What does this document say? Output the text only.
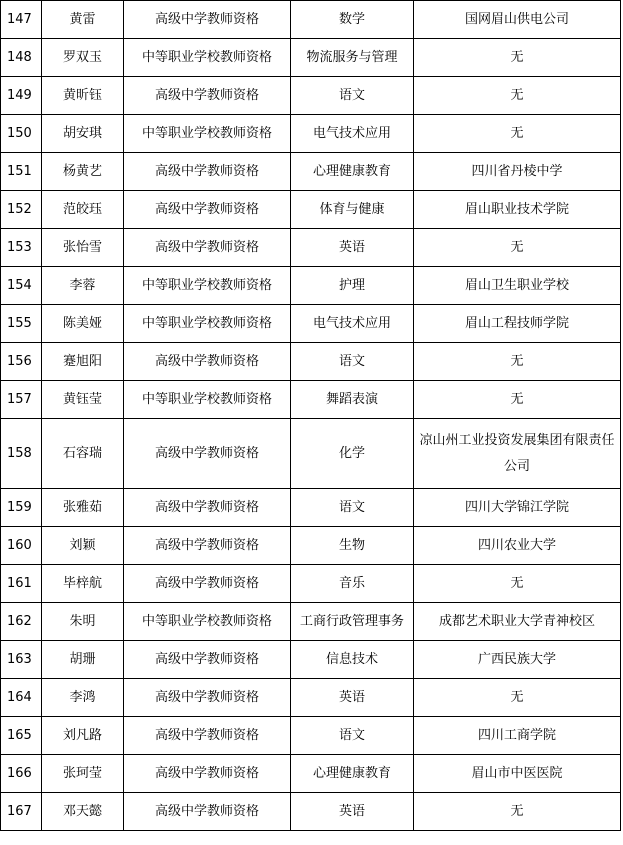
147	黄雷	高级中学教师资格	数学	国网眉山供电公司
148	罗双玉	中等职业学校教师资格	物流服务与管理	无
149	黄昕钰	高级中学教师资格	语文	无
150	胡安琪	中等职业学校教师资格	电气技术应用	无
151	杨黄艺	高级中学教师资格	心理健康教育	四川省丹棱中学
152	范皎珏	高级中学教师资格	体育与健康	眉山职业技术学院
153	张怡雪	高级中学教师资格	英语	无
154	李蓉	中等职业学校教师资格	护理	眉山卫生职业学校
155	陈美娅	中等职业学校教师资格	电气技术应用	眉山工程技师学院
156	蹇旭阳	高级中学教师资格	语文	无
157	黄钰莹	中等职业学校教师资格	舞蹈表演	无
158	石容瑞	高级中学教师资格	化学	凉山州工业投资发展集团有限责任公司
159	张雅茹	高级中学教师资格	语文	四川大学锦江学院
160	刘颖	高级中学教师资格	生物	四川农业大学
161	毕梓航	高级中学教师资格	音乐	无
162	朱明	中等职业学校教师资格	工商行政管理事务	成都艺术职业大学青神校区
163	胡珊	高级中学教师资格	信息技术	广西民族大学
164	李鸿	高级中学教师资格	英语	无
165	刘凡路	高级中学教师资格	语文	四川工商学院
166	张珂莹	高级中学教师资格	心理健康教育	眉山市中医医院
167	邓天懿	高级中学教师资格	英语	无
